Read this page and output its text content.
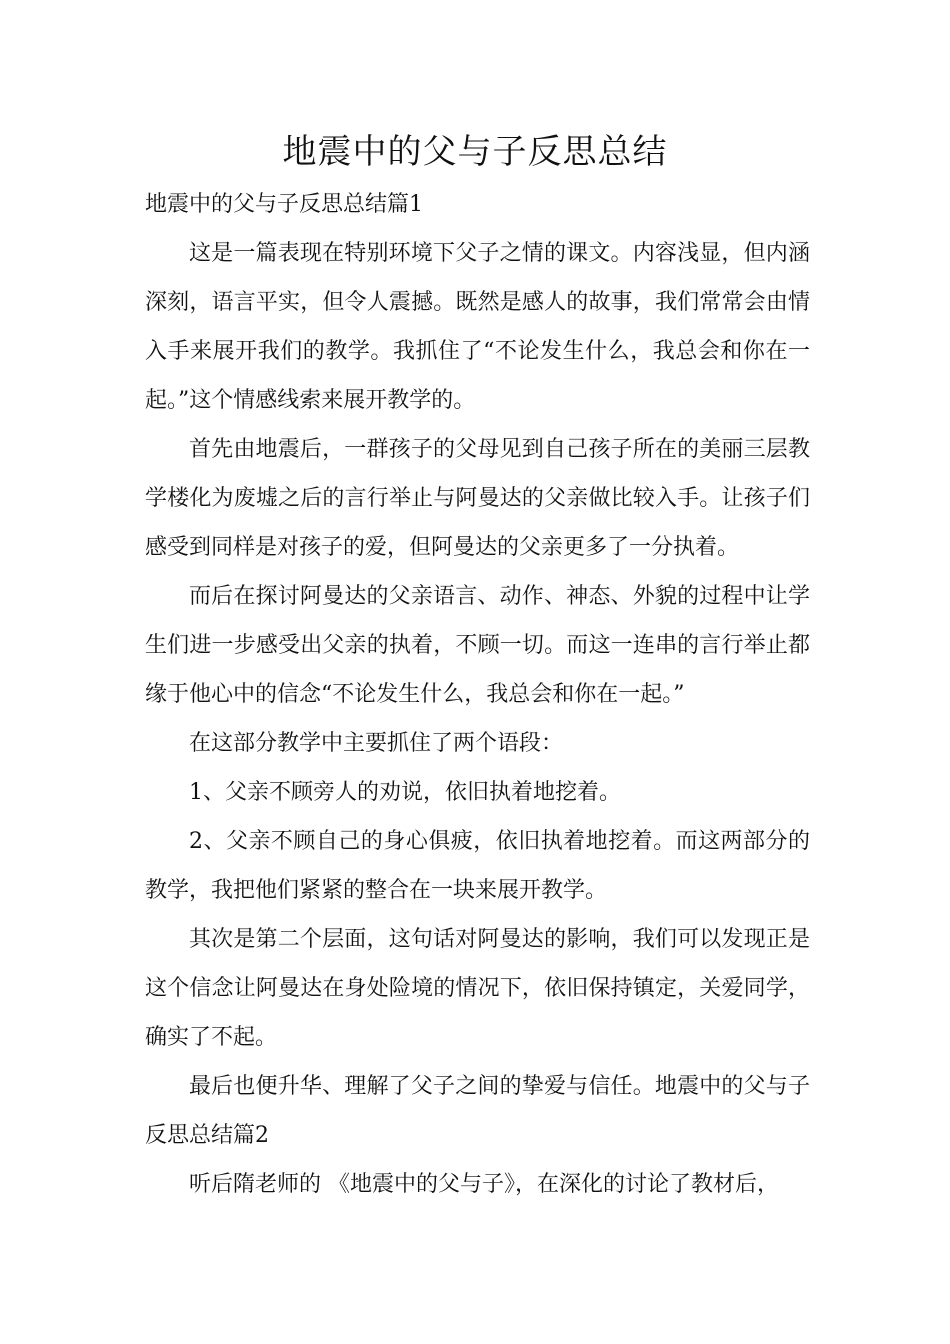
地震中的父与子反思总结

地震中的父与子反思总结篇1

这是一篇表现在特别环境下父子之情的课文。内容浅显，但内涵深刻，语言平实，但令人震撼。既然是感人的故事，我们常常会由情入手来展开我们的教学。我抓住了“不论发生什么，我总会和你在一起。”这个情感线索来展开教学的。

首先由地震后，一群孩子的父母见到自己孩子所在的美丽三层教学楼化为废墟之后的言行举止与阿曼达的父亲做比较入手。让孩子们感受到同样是对孩子的爱，但阿曼达的父亲更多了一分执着。

而后在探讨阿曼达的父亲语言、动作、神态、外貌的过程中让学生们进一步感受出父亲的执着，不顾一切。而这一连串的言行举止都缘于他心中的信念“不论发生什么，我总会和你在一起。”

在这部分教学中主要抓住了两个语段：

1、父亲不顾旁人的劝说，依旧执着地挖着。

2、父亲不顾自己的身心俱疲，依旧执着地挖着。而这两部分的教学，我把他们紧紧的整合在一块来展开教学。

其次是第二个层面，这句话对阿曼达的影响，我们可以发现正是这个信念让阿曼达在身处险境的情况下，依旧保持镇定，关爱同学，确实了不起。

最后也便升华、理解了父子之间的挚爱与信任。地震中的父与子反思总结篇2

听后隋老师的 《地震中的父与子》，在深化的讨论了教材后，
